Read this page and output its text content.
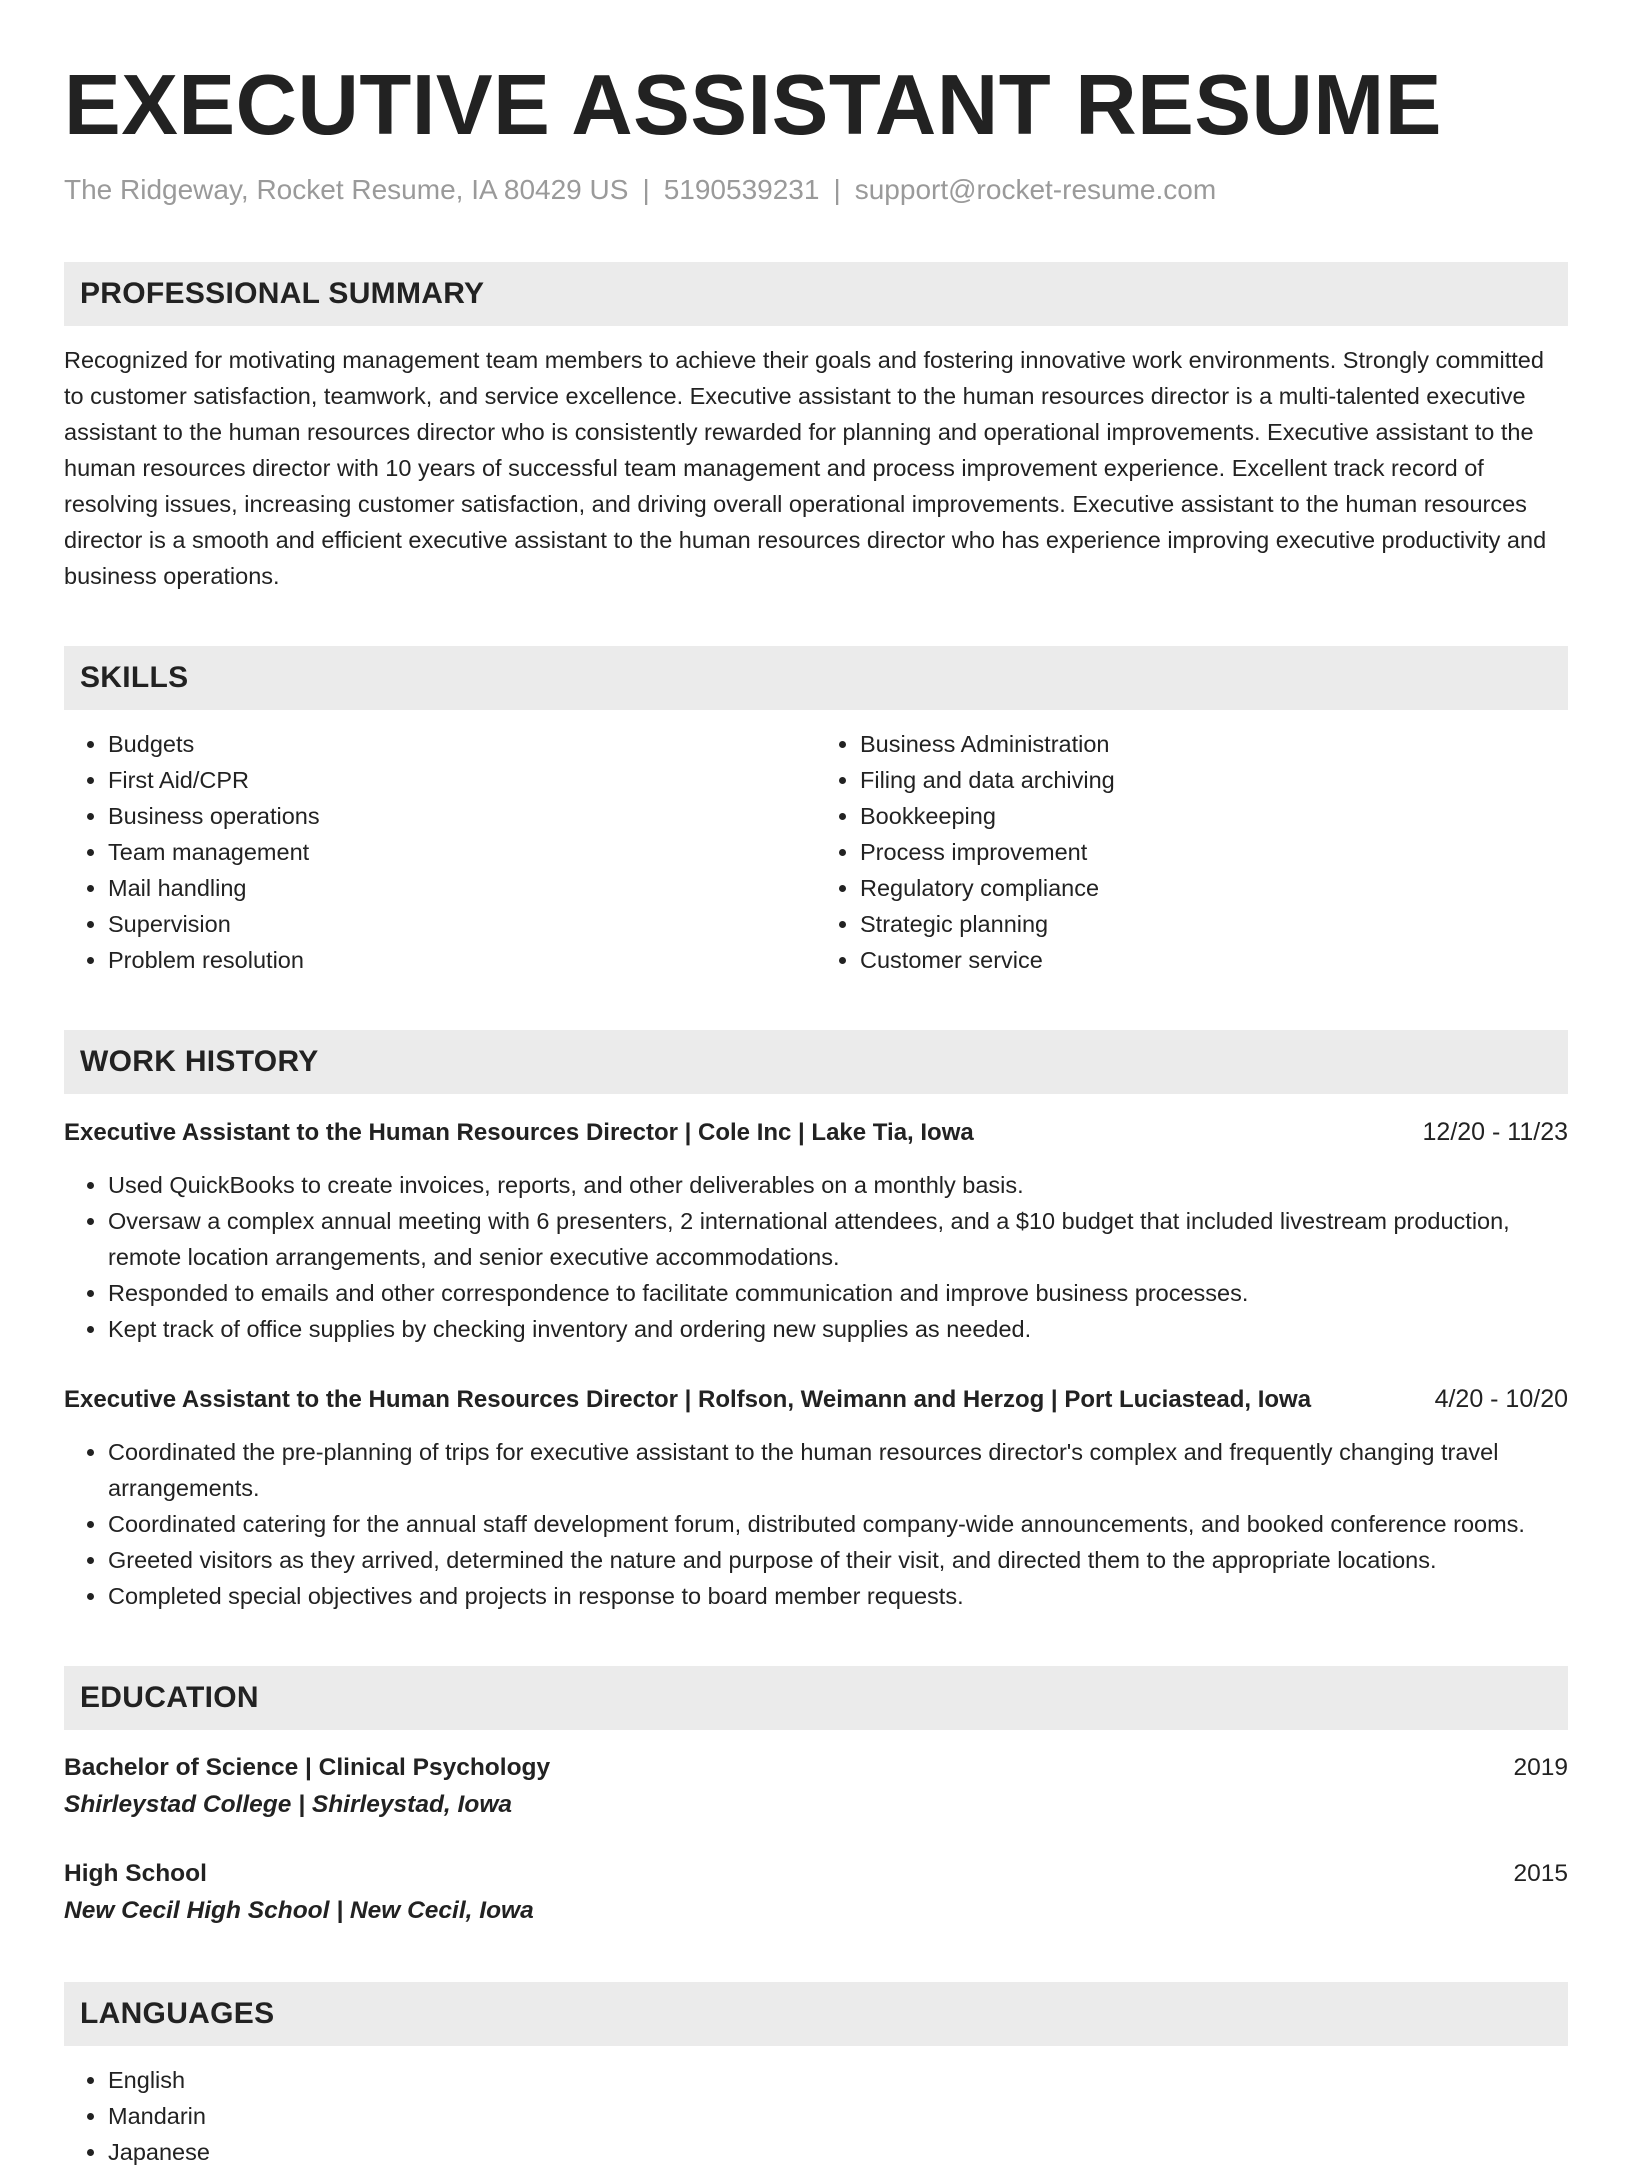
EXECUTIVE ASSISTANT RESUME
The Ridgeway, Rocket Resume, IA 80429 US | 5190539231 | support@rocket-resume.com
PROFESSIONAL SUMMARY
Recognized for motivating management team members to achieve their goals and fostering innovative work environments. Strongly committed to customer satisfaction, teamwork, and service excellence. Executive assistant to the human resources director is a multi-talented executive assistant to the human resources director who is consistently rewarded for planning and operational improvements. Executive assistant to the human resources director with 10 years of successful team management and process improvement experience. Excellent track record of resolving issues, increasing customer satisfaction, and driving overall operational improvements. Executive assistant to the human resources director is a smooth and efficient executive assistant to the human resources director who has experience improving executive productivity and business operations.
SKILLS
• Budgets
• First Aid/CPR
• Business operations
• Team management
• Mail handling
• Supervision
• Problem resolution
• Business Administration
• Filing and data archiving
• Bookkeeping
• Process improvement
• Regulatory compliance
• Strategic planning
• Customer service
WORK HISTORY
Executive Assistant to the Human Resources Director | Cole Inc | Lake Tia, Iowa	12/20 - 11/23
• Used QuickBooks to create invoices, reports, and other deliverables on a monthly basis.
• Oversaw a complex annual meeting with 6 presenters, 2 international attendees, and a $10 budget that included livestream production, remote location arrangements, and senior executive accommodations.
• Responded to emails and other correspondence to facilitate communication and improve business processes.
• Kept track of office supplies by checking inventory and ordering new supplies as needed.
Executive Assistant to the Human Resources Director | Rolfson, Weimann and Herzog | Port Luciastead, Iowa	4/20 - 10/20
• Coordinated the pre-planning of trips for executive assistant to the human resources director's complex and frequently changing travel arrangements.
• Coordinated catering for the annual staff development forum, distributed company-wide announcements, and booked conference rooms.
• Greeted visitors as they arrived, determined the nature and purpose of their visit, and directed them to the appropriate locations.
• Completed special objectives and projects in response to board member requests.
EDUCATION
Bachelor of Science | Clinical Psychology	2019
Shirleystad College | Shirleystad, Iowa
High School	2015
New Cecil High School | New Cecil, Iowa
LANGUAGES
• English
• Mandarin
• Japanese
